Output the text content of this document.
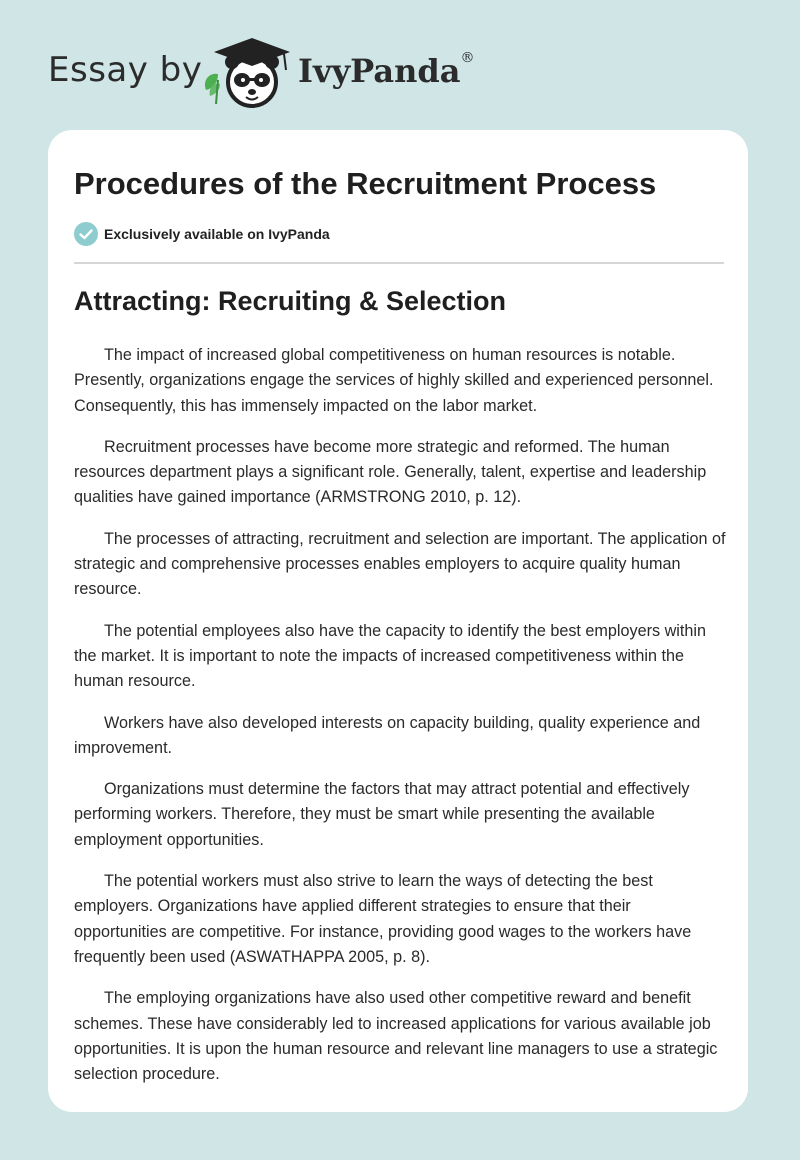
Essay by	IvyPanda®
Procedures of the Recruitment Process
Exclusively available on IvyPanda
Attracting: Recruiting & Selection

The impact of increased global competitiveness on human resources is notable. Presently, organizations engage the services of highly skilled and experienced personnel. Consequently, this has immensely impacted on the labor market.

Recruitment processes have become more strategic and reformed. The human resources department plays a significant role. Generally, talent, expertise and leadership qualities have gained importance (ARMSTRONG 2010, p. 12).

The processes of attracting, recruitment and selection are important. The application of strategic and comprehensive processes enables employers to acquire quality human resource.

The potential employees also have the capacity to identify the best employers within the market. It is important to note the impacts of increased competitiveness within the human resource.

Workers have also developed interests on capacity building, quality experience and improvement.

Organizations must determine the factors that may attract potential and effectively performing workers. Therefore, they must be smart while presenting the available employment opportunities.

The potential workers must also strive to learn the ways of detecting the best employers. Organizations have applied different strategies to ensure that their opportunities are competitive. For instance, providing good wages to the workers have frequently been used (ASWATHAPPA 2005, p. 8).

The employing organizations have also used other competitive reward and benefit schemes. These have considerably led to increased applications for various available job opportunities. It is upon the human resource and relevant line managers to use a strategic selection procedure.
